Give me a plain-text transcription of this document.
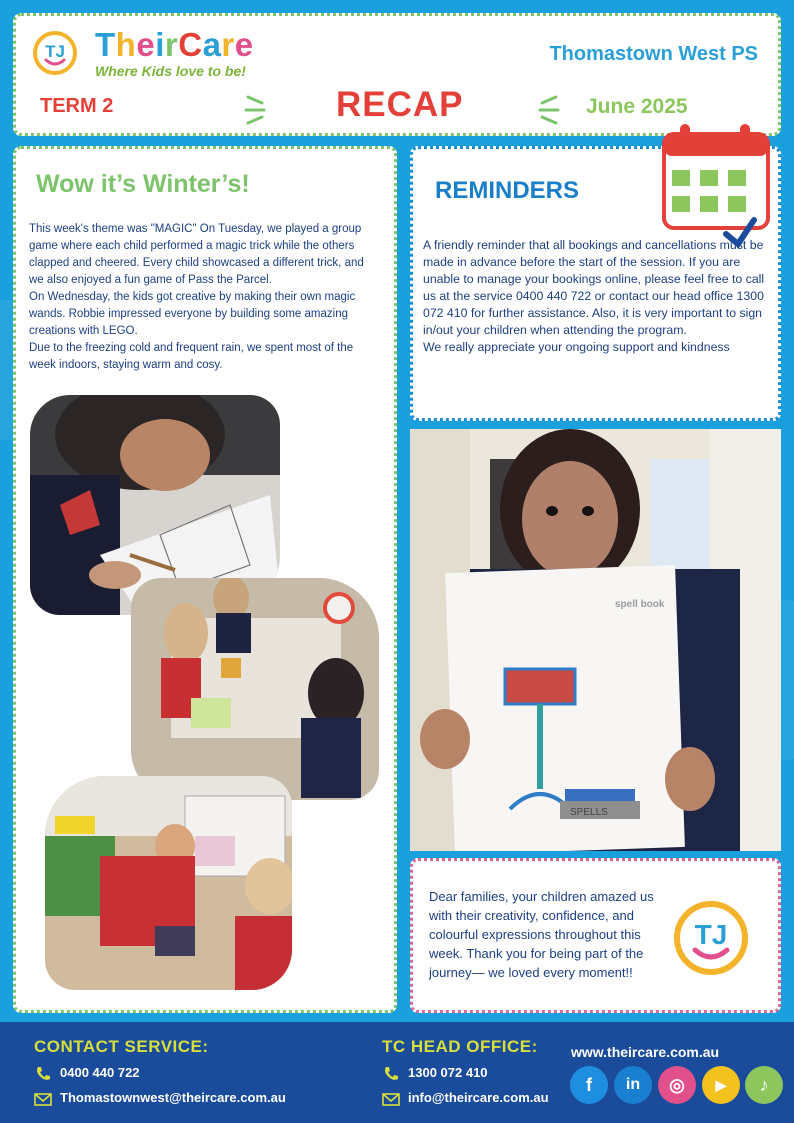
TJ TheirCare
Where Kids love to be!
Thomastown West PS
TERM 2	RECAP	June 2025
Wow it’s Winter’s!

This week's theme was "MAGIC" On Tuesday, we played a group game where each child performed a magic trick while the others clapped and cheered. Every child showcased a different trick, and we also enjoyed a fun game of Pass the Parcel.

On Wednesday, the kids got creative by making their own magic wands. Robbie impressed everyone by building some amazing creations with LEGO.

Due to the freezing cold and frequent rain, we spent most of the week indoors, staying warm and cosy.

REMINDERS
A friendly reminder that all bookings and cancellations must be made in advance before the start of the session. If you are unable to manage your bookings online, please feel free to call us at the service 0400 440 722 or contact our head office 1300 072 410 for further assistance. Also, it is very important to sign in/out your children when attending the program.
We really appreciate your ongoing support and kindness
spell book
SPELLS
Dear families, your children amazed us with their creativity, confidence, and colourful expressions throughout this week. Thank you for being part of the journey— we loved every moment!!
TJ
CONTACT SERVICE:
0400 440 722
Thomastownwest@theircare.com.au
TC HEAD OFFICE:
1300 072 410
info@theircare.com.au
www.theircare.com.au
f	in	◎	▶	♪
